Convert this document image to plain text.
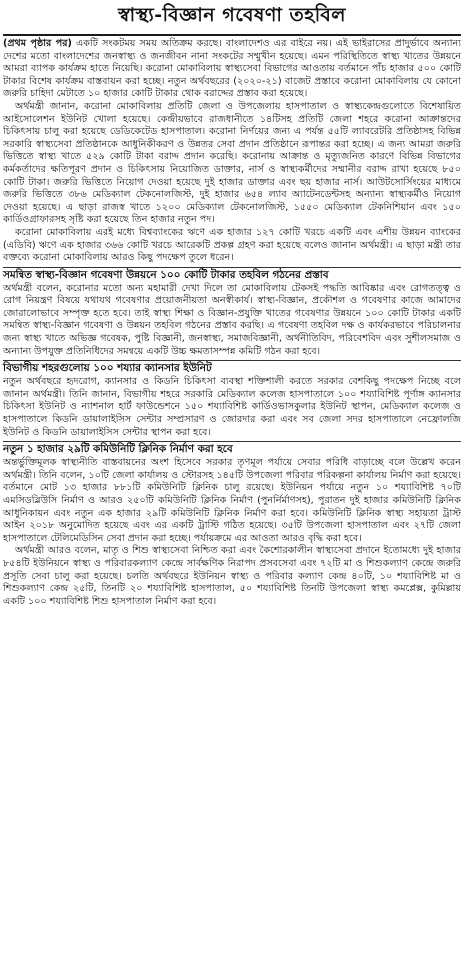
স্বাস্থ্য-বিজ্ঞান গবেষণা তহবিল

(প্রথম পৃষ্ঠার পর) একটি সংকটময় সময় অতিক্রম করছে। বাংলাদেশও এর বাইরে নয়। এই ভাইরাসের প্রাদুর্ভাবে অন্যান্য দেশের মতো বাংলাদেশের জনস্বাস্থ্য ও জনজীবন নানা সংকটের সম্মুখীন হয়েছে। এমন পরিস্থিতিতে স্বাস্থ্য খাতের উন্নয়নে আমরা ব্যাপক কার্যক্রম হাতে নিয়েছি। করোনা মোকাবিলায় স্বাস্থ্যসেবা বিভাগের আওতায় বর্তমানে পাঁচ হাজার ৫০০ কোটি টাকার বিশেষ কার্যক্রম বাস্তবায়ন করা হচ্ছে। নতুন অর্থবছরের (২০২০-২১) বাজেট প্রস্তাবে করোনা মোকাবিলায় যে কোনো জরুরি চাহিদা মেটাতে ১০ হাজার কোটি টাকার থোক বরাদ্দের প্রস্তাব করা হয়েছে।

অর্থমন্ত্রী জানান, করোনা মোকাবিলায় প্রতিটি জেলা ও উপজেলায় হাসপাতাল ও স্বাস্থ্যকেন্দ্রগুলোতে বিশেষায়িত আইসোলেশন ইউনিট খোলা হয়েছে। কেন্দ্রীয়ভাবে রাজধানীতে ১৪টিসহ প্রতিটি জেলা শহরে করোনা আক্রান্তদের চিকিৎসায় চালু করা হয়েছে ডেডিকেটেড হাসপাতাল। করোনা নির্ণয়ের জন্য এ পর্যন্ত ৫৫টি ল্যাবরেটরি প্রতিষ্ঠাসহ বিভিন্ন সরকারি স্বাস্থ্যসেবা প্রতিষ্ঠানকে আধুনিকীকরণ ও উন্নতর সেবা প্রদান প্রতিষ্ঠানে রূপান্তর করা হচ্ছে। এ জন্য আমরা জরুরি ভিত্তিতে স্বাস্থ্য খাতে ৫২৯ কোটি টাকা বরাদ্দ প্রদান করেছি। করোনায় আক্রান্ত ও মৃত্যুজনিত কারণে বিভিন্ন বিভাগের কর্মকর্তাদের ক্ষতিপূরণ প্রদান ও চিকিৎসায় নিয়োজিত ডাক্তার, নার্স ও স্বাস্থ্যকর্মীদের সম্মানীর বরাদ্দ রাখা হয়েছে ৮৫০ কোটি টাকা। জরুরি ভিত্তিতে নিয়োগ দেওয়া হয়েছে দুই হাজার ডাক্তার এবং ছয় হাজার নার্স। আউটসোর্সিংয়ের মাধ্যমে জরুরি ভিত্তিতে ৩৮৬ মেডিক্যাল টেকনোলজিস্ট, দুই হাজার ৬৫৪ ল্যাব অ্যাটেনডেন্টসহ অন্যান্য স্বাস্থ্যকর্মীও নিয়োগ দেওয়া হয়েছে। এ ছাড়া রাজস্ব খাতে ১২০০ মেডিক্যাল টেকনোলজিস্ট, ১৫৫০ মেডিক্যাল টেকনিশিয়ান এবং ১৫০ কার্ডিওগ্রাফারসহ সৃষ্টি করা হয়েছে তিন হাজার নতুন পদ।

করোনা মোকাবিলায় এরই মধ্যে বিশ্বব্যাংকের ঋণে এক হাজার ১২৭ কোটি খরচে একটি এবং এশীয় উন্নয়ন ব্যাংকের (এডিবি) ঋণে এক হাজার ৩৬৬ কোটি খরচে আরেকটি প্রকল্প গ্রহণ করা হয়েছে বলেও জানান অর্থমন্ত্রী। এ ছাড়া মন্ত্রী তার বক্তব্যে করোনা মোকাবিলায় আরও কিছু পদক্ষেপ তুলে ধরেন।

সমন্বিত স্বাস্থ্য-বিজ্ঞান গবেষণা উন্নয়নে ১০০ কোটি টাকার তহবিল গঠনের প্রস্তাব

অর্থমন্ত্রী বলেন, করোনার মতো অন্য মহামারী দেখা দিলে তা মোকাবিলায় টেকসই পদ্ধতি আবিষ্কার এবং রোগতত্ত্ব ও রোগ নিয়ন্ত্রণ বিষয়ে যথাযথ গবেষণার প্রয়োজনীয়তা অনস্বীকার্য। স্বাস্থ্য-বিজ্ঞান, প্রকৌশল ও গবেষণার কাজে আমাদের জোরালোভাবে সম্পৃক্ত হতে হবে। তাই স্বাস্থ্য শিক্ষা ও বিজ্ঞান-প্রযুক্তি খাতের গবেষণার উন্নয়নে ১০০ কোটি টাকার একটি সমন্বিত স্বাস্থ্য-বিজ্ঞান গবেষণা ও উন্নয়ন তহবিল গঠনের প্রস্তাব করছি। এ গবেষণা তহবিল দক্ষ ও কার্যকরভাবে পরিচালনার জন্য স্বাস্থ্য খাতে অভিজ্ঞ গবেষক, পুষ্টি বিজ্ঞানী, জনস্বাস্থ্য, সমাজবিজ্ঞানী, অর্থনীতিবিদ, পরিবেশবিদ এবং সুশীলসমাজ ও অন্যান্য উপযুক্ত প্রতিনিধিদের সমন্বয়ে একটি উচ্চ ক্ষমতাসম্পন্ন কমিটি গঠন করা হবে।

বিভাগীয় শহরগুলোয় ১০০ শয্যার ক্যানসার ইউনিট

নতুন অর্থবছরে হৃদরোগ, ক্যানসার ও কিডনি চিকিৎসা ব্যবস্থা শক্তিশালী করতে সরকার বেশকিছু পদক্ষেপ নিচ্ছে বলে জানান অর্থমন্ত্রী। তিনি জানান, বিভাগীয় শহরে সরকারি মেডিক্যাল কলেজ হাসপাতালে ১০০ শয্যাবিশিষ্ট পূর্ণাঙ্গ ক্যানসার চিকিৎসা ইউনিট ও ন্যাশনাল হার্ট ফাউন্ডেশনে ১৫০ শয্যাবিশিষ্ট কার্ডিওভাসকুলার ইউনিট স্থাপন, মেডিক্যাল কলেজ ও হাসপাতালে কিডনি ডায়ালাইসিস সেন্টার সম্প্রসারণ ও জোরদার করা এবং সব জেলা সদর হাসপাতালে নেফ্রোলজি ইউনিট ও কিডনি ডায়ালাইসিস সেন্টার স্থাপন করা হবে।

নতুন ১ হাজার ২৯টি কমিউনিটি ক্লিনিক নির্মাণ করা হবে

অন্তর্ভুক্তিমূলক স্বাস্থ্যনীতি বাস্তবায়নের অংশ হিসেবে সরকার তৃণমূল পর্যায়ে সেবার পরিধি বাড়াচ্ছে বলে উল্লেখ করেন অর্থমন্ত্রী। তিনি বলেন, ১০টি জেলা কার্যালয় ও স্টোরসহ ১৪৫টি উপজেলা পরিবার পরিকল্পনা কার্যালয় নির্মাণ করা হয়েছে। বর্তমানে মোট ১৩ হাজার ৮৮১টি কমিউনিটি ক্লিনিক চালু রয়েছে। ইউনিয়ন পর্যায়ে নতুন ১০ শয্যাবিশিষ্ট ৭০টি এমসিডব্লিউসি নির্মাণ ও আরও ২৫০টি কমিউনিটি ক্লিনিক নির্মাণ (পুনর্নির্মাণসহ), পুরাতন দুই হাজার কমিউনিটি ক্লিনিক আধুনিকায়ন এবং নতুন এক হাজার ২৯টি কমিউনিটি ক্লিনিক নির্মাণ করা হবে। কমিউনিটি ক্লিনিক স্বাস্থ্য সহায়তা ট্রাস্ট আইন ২০১৮ অনুমোদিত হয়েছে এবং এর একটি ট্রাস্টি গঠিত হয়েছে। ৩৫টি উপজেলা হাসপাতাল এবং ২৭টি জেলা হাসপাতালে টেলিমেডিসিন সেবা প্রদান করা হচ্ছে। পর্যায়ক্রমে এর আওতা আরও বৃদ্ধি করা হবে।

অর্থমন্ত্রী আরও বলেন, মাতৃ ও শিশু স্বাস্থ্যসেবা নিশ্চিত করা এবং কৈশোরকালীন স্বাস্থ্যসেবা প্রদানে ইতোমধ্যে দুই হাজার ৮৫৪টি ইউনিয়নে স্বাস্থ্য ও পরিবারকল্যাণ কেন্দ্রে সার্বক্ষণিক নিরাপদ প্রসবসেবা এবং ৭২টি মা ও শিশুকল্যাণ কেন্দ্রে জরুরি প্রসূতি সেবা চালু করা হয়েছে। চলতি অর্থবছরে ইউনিয়ন স্বাস্থ্য ও পরিবার কল্যাণ কেন্দ্র ৪০টি, ১০ শয্যাবিশিষ্ট মা ও শিশুকল্যাণ কেন্দ্র ২৫টি, তিনটি ২০ শয্যাবিশিষ্ট হাসপাতাল, ৫০ শয্যাবিশিষ্ট তিনটি উপজেলা স্বাস্থ্য কমপ্লেক্স, কুমিল্লায় একটি ১০০ শয্যাবিশিষ্ট শিশু হাসপাতাল নির্মাণ করা হবে।
